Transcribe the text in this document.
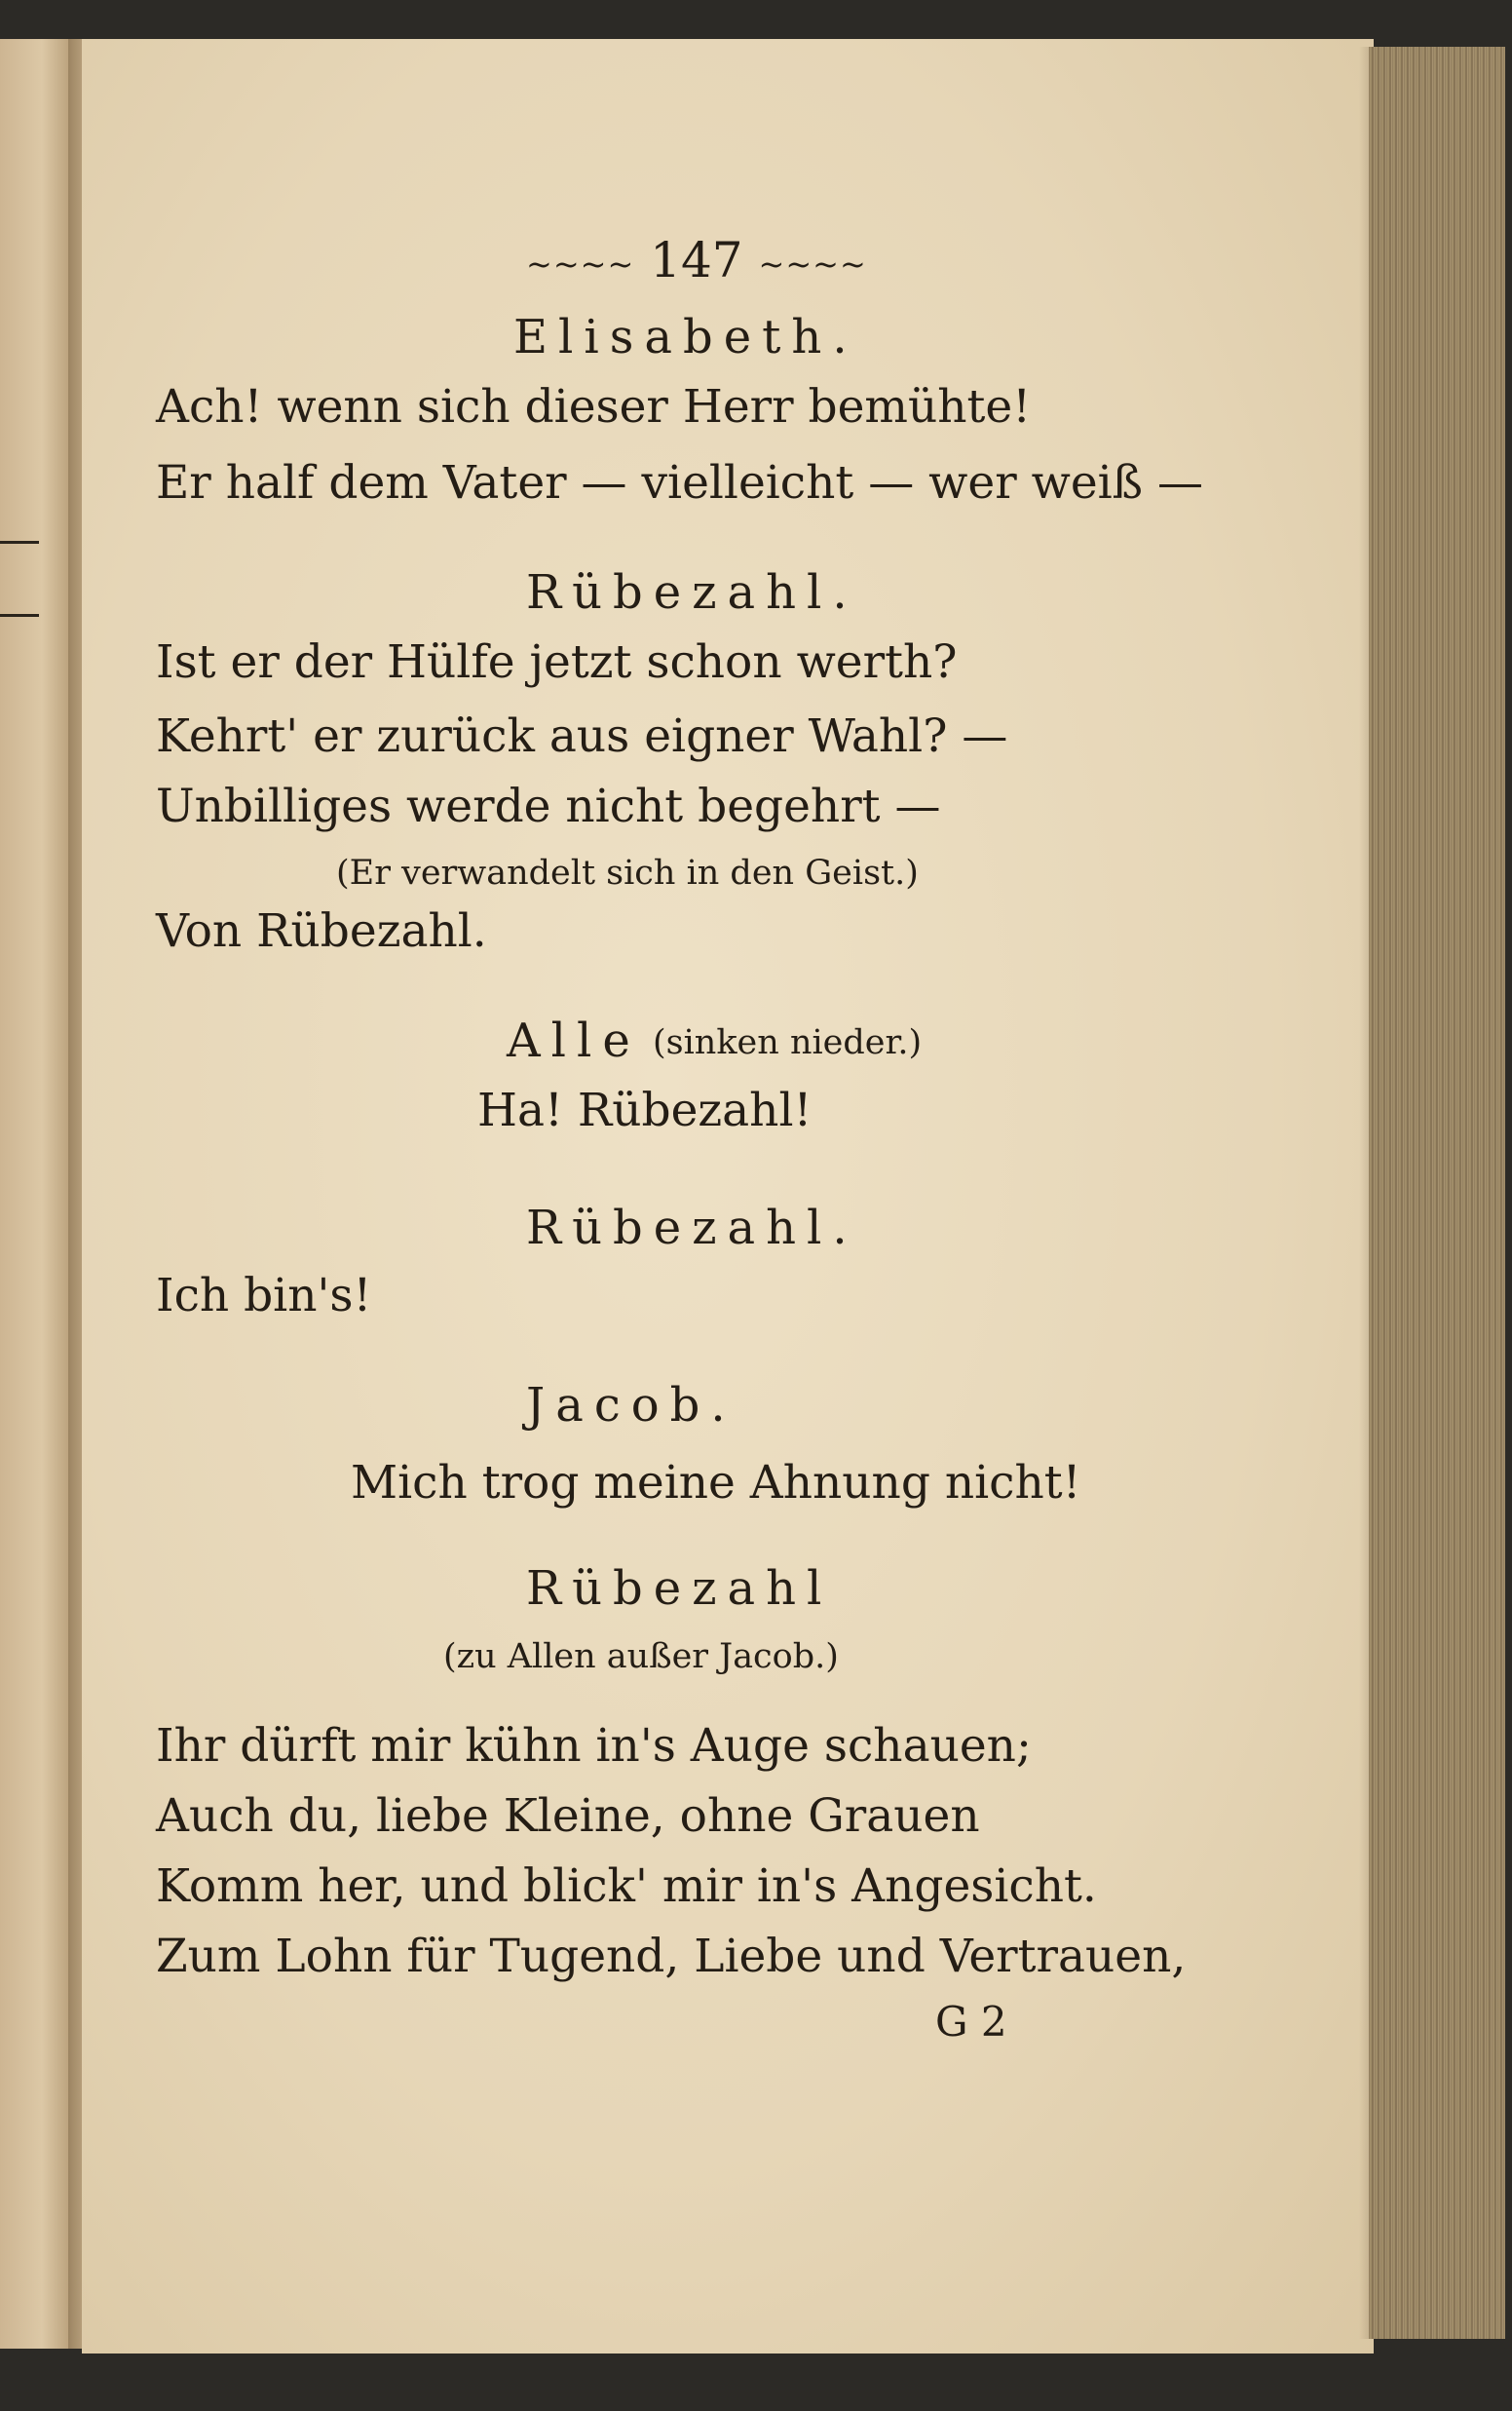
~~~~ 147 ~~~~

Elisabeth.

Ach! wenn sich dieser Herr bemühte!

Er half dem Vater — vielleicht — wer weiß —

Rübezahl.

Ist er der Hülfe jetzt schon werth?

Kehrt' er zurück aus eigner Wahl? —

Unbilliges werde nicht begehrt —

(Er verwandelt sich in den Geist.)

Von Rübezahl.

Alle (sinken nieder.)

Ha! Rübezahl!

Rübezahl.

Ich bin's!

Jacob.

Mich trog meine Ahnung nicht!

Rübezahl

(zu Allen außer Jacob.)

Ihr dürft mir kühn in's Auge schauen;

Auch du, liebe Kleine, ohne Grauen

Komm her, und blick' mir in's Angesicht.

Zum Lohn für Tugend, Liebe und Vertrauen,

G 2
